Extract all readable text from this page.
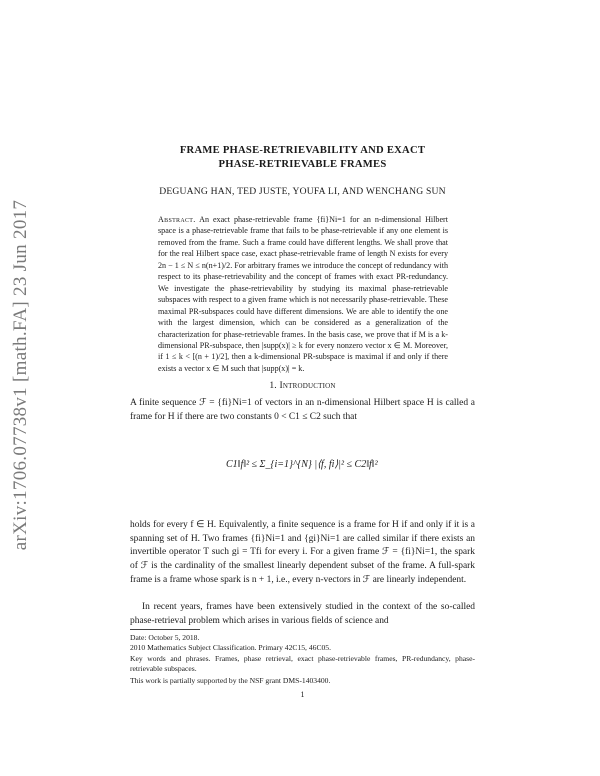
arXiv:1706.07738v1 [math.FA] 23 Jun 2017
FRAME PHASE-RETRIEVABILITY AND EXACT
PHASE-RETRIEVABLE FRAMES
DEGUANG HAN, TED JUSTE, YOUFA LI, AND WENCHANG SUN
Abstract. An exact phase-retrievable frame {fi}Ni=1 for an n-dimensional Hilbert space is a phase-retrievable frame that fails to be phase-retrievable if any one element is removed from the frame. Such a frame could have different lengths. We shall prove that for the real Hilbert space case, exact phase-retrievable frame of length N exists for every 2n − 1 ≤ N ≤ n(n+1)/2. For arbitrary frames we introduce the concept of redundancy with respect to its phase-retrievability and the concept of frames with exact PR-redundancy. We investigate the phase-retrievability by studying its maximal phase-retrievable subspaces with respect to a given frame which is not necessarily phase-retrievable. These maximal PR-subspaces could have different dimensions. We are able to identify the one with the largest dimension, which can be considered as a generalization of the characterization for phase-retrievable frames. In the basis case, we prove that if M is a k-dimensional PR-subspace, then |supp(x)| ≥ k for every nonzero vector x ∈ M. Moreover, if 1 ≤ k < [(n + 1)/2], then a k-dimensional PR-subspace is maximal if and only if there exists a vector x ∈ M such that |supp(x)| = k.
1. Introduction
A finite sequence ℱ = {fi}Ni=1 of vectors in an n-dimensional Hilbert space H is called a frame for H if there are two constants 0 < C1 ≤ C2 such that
C1‖f‖² ≤ Σ_{i=1}^{N} |⟨f, fi⟩|² ≤ C2‖f‖²
holds for every f ∈ H. Equivalently, a finite sequence is a frame for H if and only if it is a spanning set of H. Two frames {fi}Ni=1 and {gi}Ni=1 are called similar if there exists an invertible operator T such gi = Tfi for every i. For a given frame ℱ = {fi}Ni=1, the spark of ℱ is the cardinality of the smallest linearly dependent subset of the frame. A full-spark frame is a frame whose spark is n + 1, i.e., every n-vectors in ℱ are linearly independent.
In recent years, frames have been extensively studied in the context of the so-called phase-retrieval problem which arises in various fields of science and
Date: October 5, 2018.
2010 Mathematics Subject Classification. Primary 42C15, 46C05.
Key words and phrases. Frames, phase retrieval, exact phase-retrievable frames, PR-redundancy, phase-retrievable subspaces.
This work is partially supported by the NSF grant DMS-1403400.
1
